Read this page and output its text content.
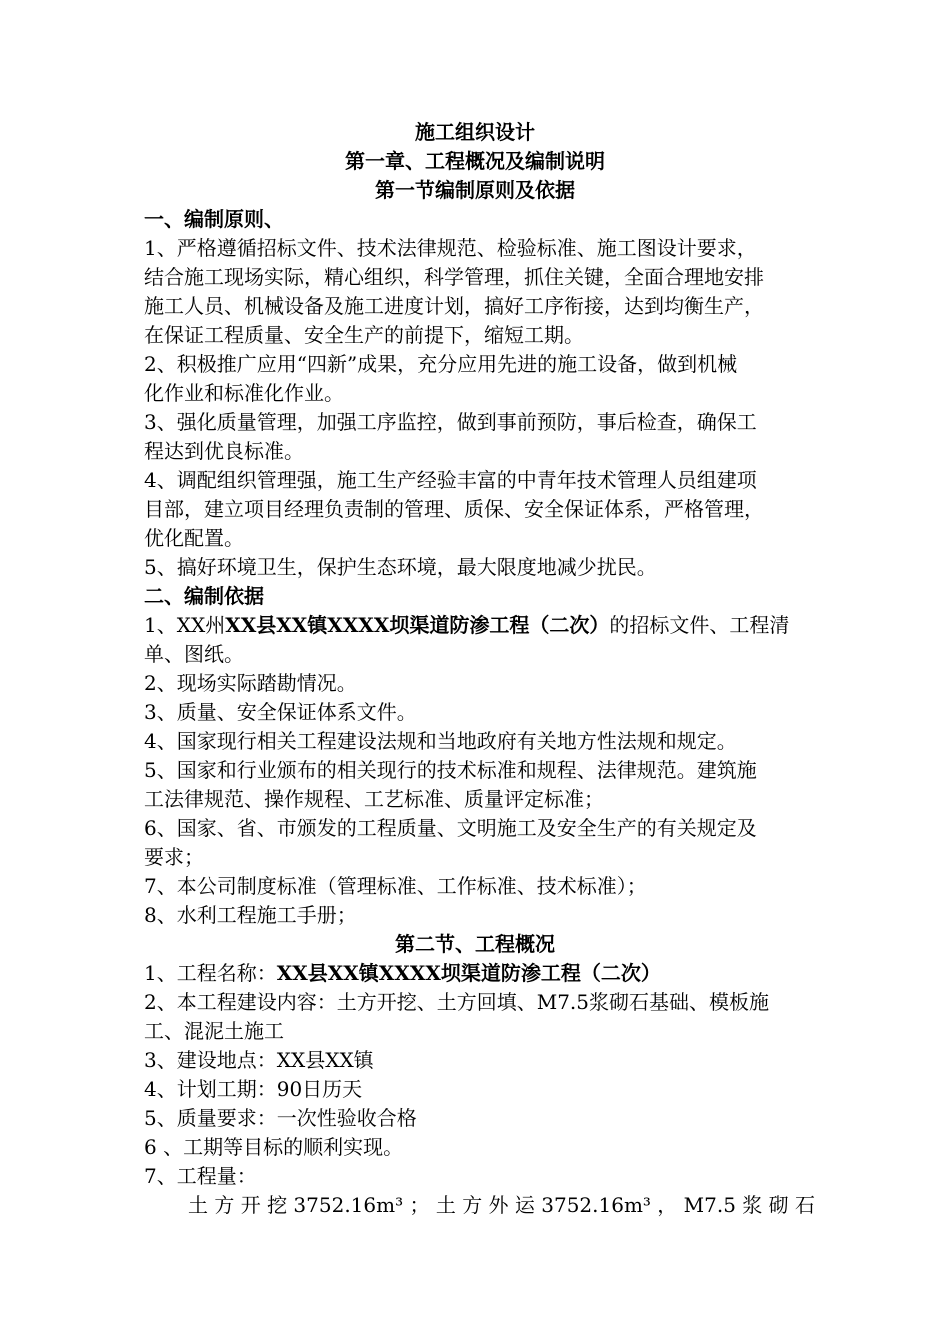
施工组织设计
第一章、工程概况及编制说明
第一节编制原则及依据
一、编制原则、
1、严格遵循招标文件、技术法律规范、检验标准、施工图设计要求，
结合施工现场实际，精心组织，科学管理，抓住关键，全面合理地安排
施工人员、机械设备及施工进度计划，搞好工序衔接，达到均衡生产，
在保证工程质量、安全生产的前提下，缩短工期。
2、积极推广应用“四新”成果，充分应用先进的施工设备，做到机械
化作业和标准化作业。
3、强化质量管理，加强工序监控，做到事前预防，事后检查，确保工
程达到优良标准。
4、调配组织管理强，施工生产经验丰富的中青年技术管理人员组建项
目部，建立项目经理负责制的管理、质保、安全保证体系，严格管理，
优化配置。
5、搞好环境卫生，保护生态环境，最大限度地减少扰民。
二、编制依据
1、XX州XX县XX镇XXXX坝渠道防渗工程（二次）的招标文件、工程清
单、图纸。
2、现场实际踏勘情况。
3、质量、安全保证体系文件。
4、国家现行相关工程建设法规和当地政府有关地方性法规和规定。
5、国家和行业颁布的相关现行的技术标准和规程、法律规范。建筑施
工法律规范、操作规程、工艺标准、质量评定标准；
6、国家、省、市颁发的工程质量、文明施工及安全生产的有关规定及
要求；
7、本公司制度标准（管理标准、工作标准、技术标准）；
8、水利工程施工手册；
第二节、工程概况
1、工程名称：XX县XX镇XXXX坝渠道防渗工程（二次）
2、本工程建设内容：土方开挖、土方回填、M7.5浆砌石基础、模板施
工、混泥土施工
3、建设地点：XX县XX镇
4、计划工期：90日历天
5、质量要求：一次性验收合格
6 、工期等目标的顺利实现。
7、工程量：
土 方 开 挖 3752.16m³ ； 土 方 外 运 3752.16m³ ， M7.5 浆 砌 石
